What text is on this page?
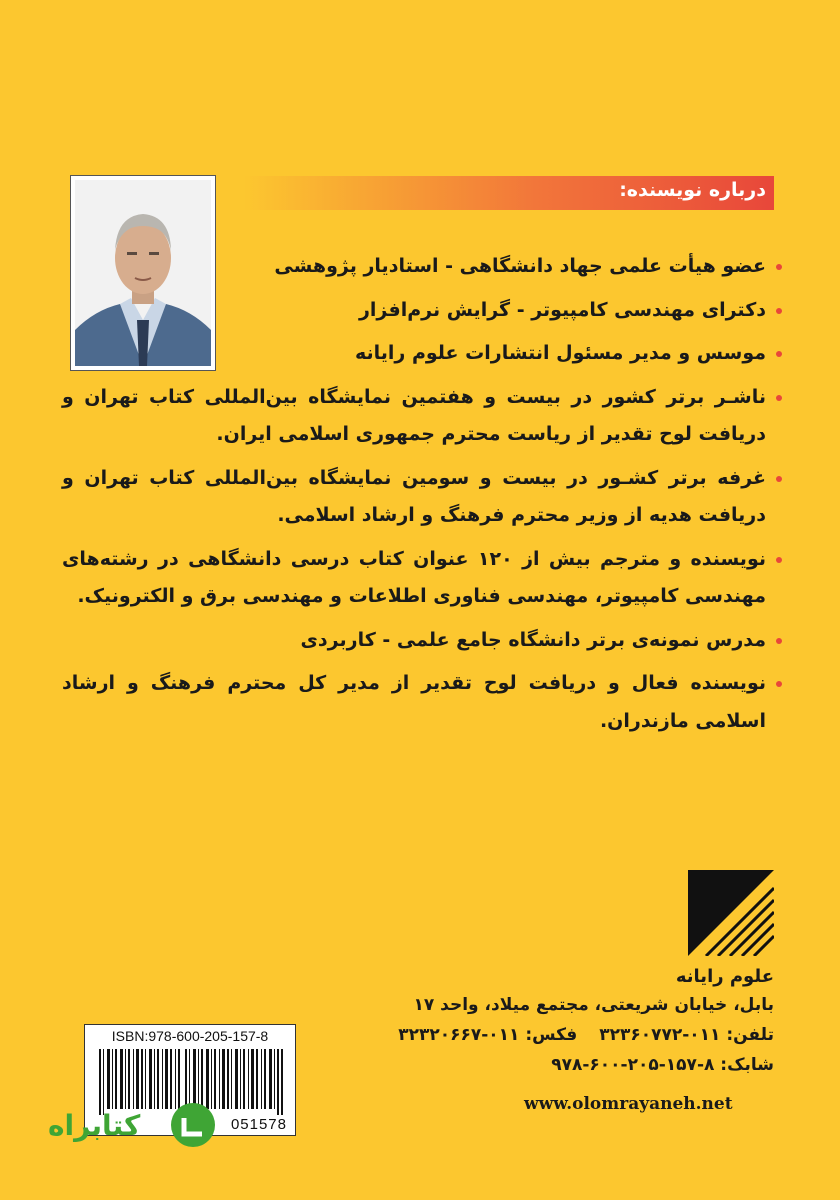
درباره نویسنده:
عضو هیأت علمی جهاد دانشگاهی - استادیار پژوهشی
دکترای مهندسی کامپیوتر - گرایش نرم‌افزار
موسس و مدیر مسئول انتشارات علوم رایانه
ناشـر برتر کشور در بیست و هفتمین نمایشگاه بین‌المللی کتاب تهران و دریافت لوح تقدیر از ریاست محترم جمهوری اسلامی ایران.
غرفه برتر کشـور در بیست و سومین نمایشگاه بین‌المللی کتاب تهران و دریافت هدیه از وزیر محترم فرهنگ و ارشاد اسلامی.
نویسنده و مترجم بیش از ۱۲۰ عنوان کتاب درسی دانشگاهی در رشته‌های مهندسی کامپیوتر، مهندسی فناوری اطلاعات و مهندسی برق و الکترونیک.
مدرس نمونه‌ی برتر دانشگاه جامع علمی - کاربردی
نویسنده فعال و دریافت لوح تقدیر از مدیر کل محترم فرهنگ و ارشاد اسلامی مازندران.
علوم رایانه
بابل، خیابان شریعتی، مجتمع میلاد، واحد ۱۷
تلفن: ۰۱۱-۳۲۳۶۰۷۷۲
فکس: ۰۱۱-۳۲۳۲۰۶۶۷
شابک: ۸-۱۵۷-۲۰۵-۶۰۰-۹۷۸
www.olomrayaneh.net
ISBN:978-600-205-157-8
051578
کتابراه
